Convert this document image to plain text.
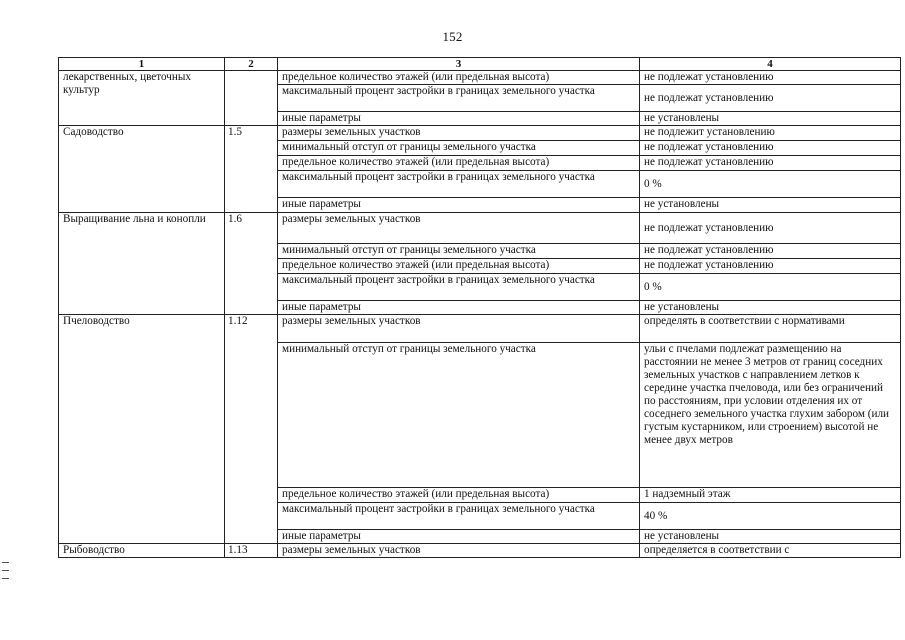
152
1	2	3	4
лекарственных, цветочных культур		предельное количество этажей (или предельная высота)	не подлежат установлению
		максимальный процент застройки в границах земельного участка	не подлежат установлению
		иные параметры	не установлены
Садоводство	1.5	размеры земельных участков	не подлежит установлению
		минимальный отступ от границы земельного участка	не подлежат установлению
		предельное количество этажей (или предельная высота)	не подлежат установлению
		максимальный процент застройки в границах земельного участка	0 %
		иные параметры	не установлены
Выращивание льна и конопли	1.6	размеры земельных участков	не подлежат установлению
		минимальный отступ от границы земельного участка	не подлежат установлению
		предельное количество этажей (или предельная высота)	не подлежат установлению
		максимальный процент застройки в границах земельного участка	0 %
		иные параметры	не установлены
Пчеловодство	1.12	размеры земельных участков	определять в соответствии с нормативами
		минимальный отступ от границы земельного участка	ульи с пчелами подлежат размещению на расстоянии не менее 3 метров от границ соседних земельных участков с направлением летков к середине участка пчеловода, или без ограничений по расстояниям, при условии отделения их от соседнего земельного участка глухим забором (или густым кустарником, или строением) высотой не менее двух метров
		предельное количество этажей (или предельная высота)	1 надземный этаж
		максимальный процент застройки в границах земельного участка	40 %
		иные параметры	не установлены
Рыбоводство	1.13	размеры земельных участков	определяется в соответствии с
